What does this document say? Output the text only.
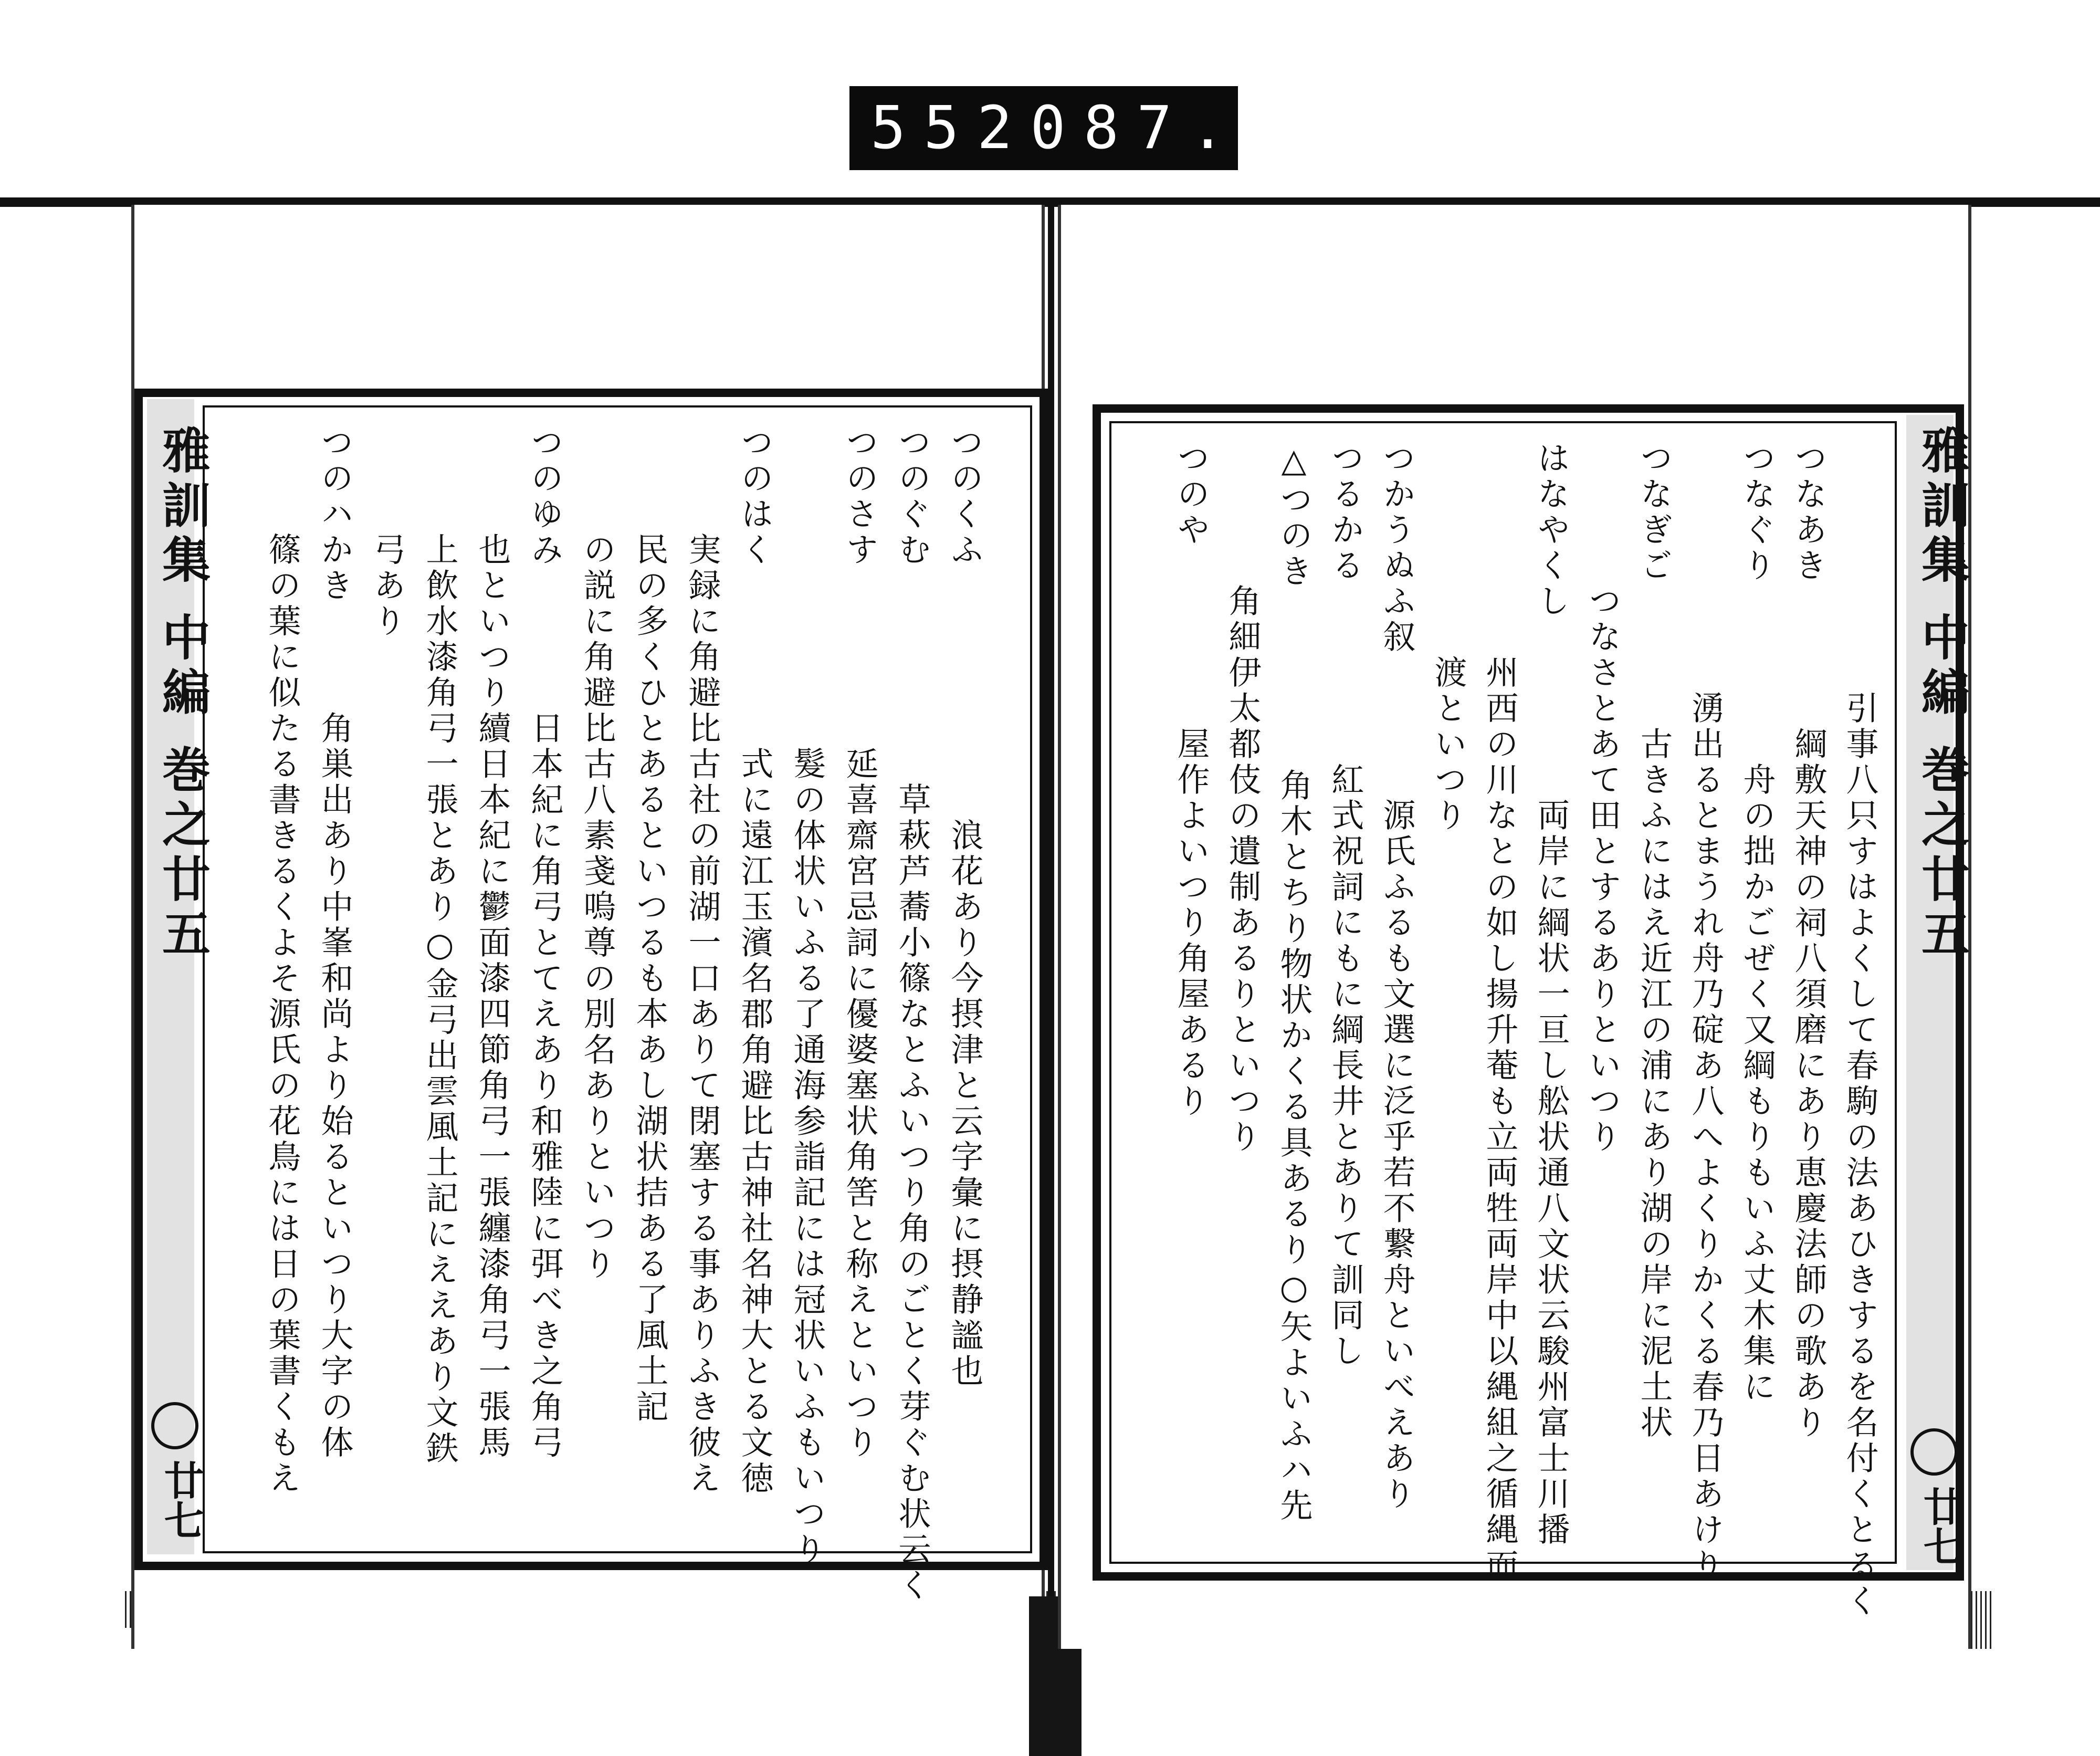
552 087.
雅訓集 中編 巻之廿五
廿七
つのくふ　　　　　　　浪花あり今摂津と云字彙に摂静謐也
つのぐむ　　　　　　草萩芦蕎小篠なとふいつり角のごとく芽ぐむ状云く
つのさす　　　　　延喜齋宮忌詞に優婆塞状角筈と称えといつり
　　　　　　　　　髮の体状いふる了通海参詣記には冠状いふもいつり
つのはく　　　　　式に遠江玉濱名郡角避比古神社名神大とる文徳
　　　実録に角避比古社の前湖一口ありて閉塞する事ありふき彼え
　　　民の多くひとあるといつるも本あし湖状拮ある了風土記
　　　の説に角避比古八素戔嗚尊の別名ありといつり
つのゆみ　　　　日本紀に角弓とてえあり和雅陸に弭べき之角弓
　　　也といつり續日本紀に鬱面漆四節角弓一張纏漆角弓一張馬
　　　上飲水漆角弓一張とあり○金弓出雲風土記にええあり文鉄
　　　弓あり
つのハかき　　　角巣出あり中峯和尚より始るといつり大字の体
　　　篠の葉に似たる書きるくよそ源氏の花鳥には日の葉書くもえ	雅訓集 中編 巻之廿五
廿七
　　　　　　　引事八只すはよくして春駒の法あひきするを名付くとるく
つなあき　　　　綱敷天神の祠八須磨にあり恵慶法師の歌あり
つなぐり　　　　　舟の拙かごぜく又綱もりもいふ丈木集に
　　　　　　　湧出るとまうれ舟乃碇あ八へよくりかくる春乃日あけり
つなぎご　　　　古きふにはえ近江の浦にあり湖の岸に泥土状
　　　　つなさとあて田とするありといつり
はなやくし　　　　　両岸に綱状一亘し舩状通八文状云駿州富士川播
　　　　　　州西の川なとの如し揚升菴も立両牲両岸中以縄組之循縄而
　　　　　　渡といつり
つかうぬふ叙　　　　源氏ふるも文選に泛乎若不繋舟といべえあり
つるかる　　　　　紅式祝詞にもに綱長井とありて訓同し
△つのき　　　　　角木とちり物状かくる具あるり○矢よいふハ先
　　　　角細伊太都伎の遺制あるりといつり
つのや　　　　　屋作よいつり角屋あるり
